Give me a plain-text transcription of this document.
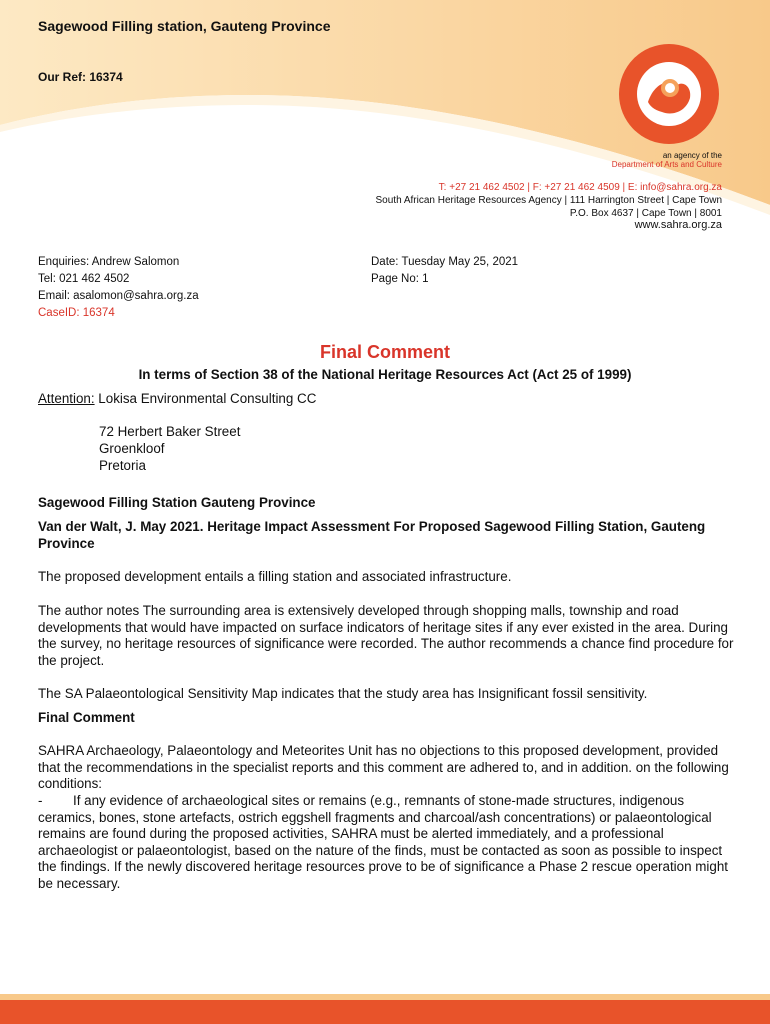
Sagewood Filling station, Gauteng Province
Our Ref: 16374
an agency of the
Department of Arts and Culture
T: +27 21 462 4502 | F: +27 21 462 4509 | E: info@sahra.org.za
South African Heritage Resources Agency | 111 Harrington Street | Cape Town
P.O. Box 4637 | Cape Town | 8001
www.sahra.org.za
Enquiries: Andrew Salomon
Tel: 021 462 4502
Email: asalomon@sahra.org.za
CaseID: 16374
Date: Tuesday May 25, 2021
Page No: 1
Final Comment
In terms of Section 38 of the National Heritage Resources Act (Act 25 of 1999)
Attention: Lokisa Environmental Consulting CC
72 Herbert Baker Street
Groenkloof
Pretoria
Sagewood Filling Station Gauteng Province
Van der Walt, J. May 2021. Heritage Impact Assessment For Proposed Sagewood Filling Station, Gauteng Province
The proposed development entails a filling station and associated infrastructure.
The author notes The surrounding area is extensively developed through shopping malls, township and road developments that would have impacted on surface indicators of heritage sites if any ever existed in the area. During the survey, no heritage resources of significance were recorded. The author recommends a chance find procedure for the project.
The SA Palaeontological Sensitivity Map indicates that the study area has Insignificant fossil sensitivity.
Final Comment
SAHRA Archaeology, Palaeontology and Meteorites Unit has no objections to this proposed development, provided that the recommendations in the specialist reports and this comment are adhered to, and in addition. on the following conditions:
- If any evidence of archaeological sites or remains (e.g., remnants of stone-made structures, indigenous ceramics, bones, stone artefacts, ostrich eggshell fragments and charcoal/ash concentrations) or palaeontological remains are found during the proposed activities, SAHRA must be alerted immediately, and a professional archaeologist or palaeontologist, based on the nature of the finds, must be contacted as soon as possible to inspect the findings. If the newly discovered heritage resources prove to be of significance a Phase 2 rescue operation might be necessary.
